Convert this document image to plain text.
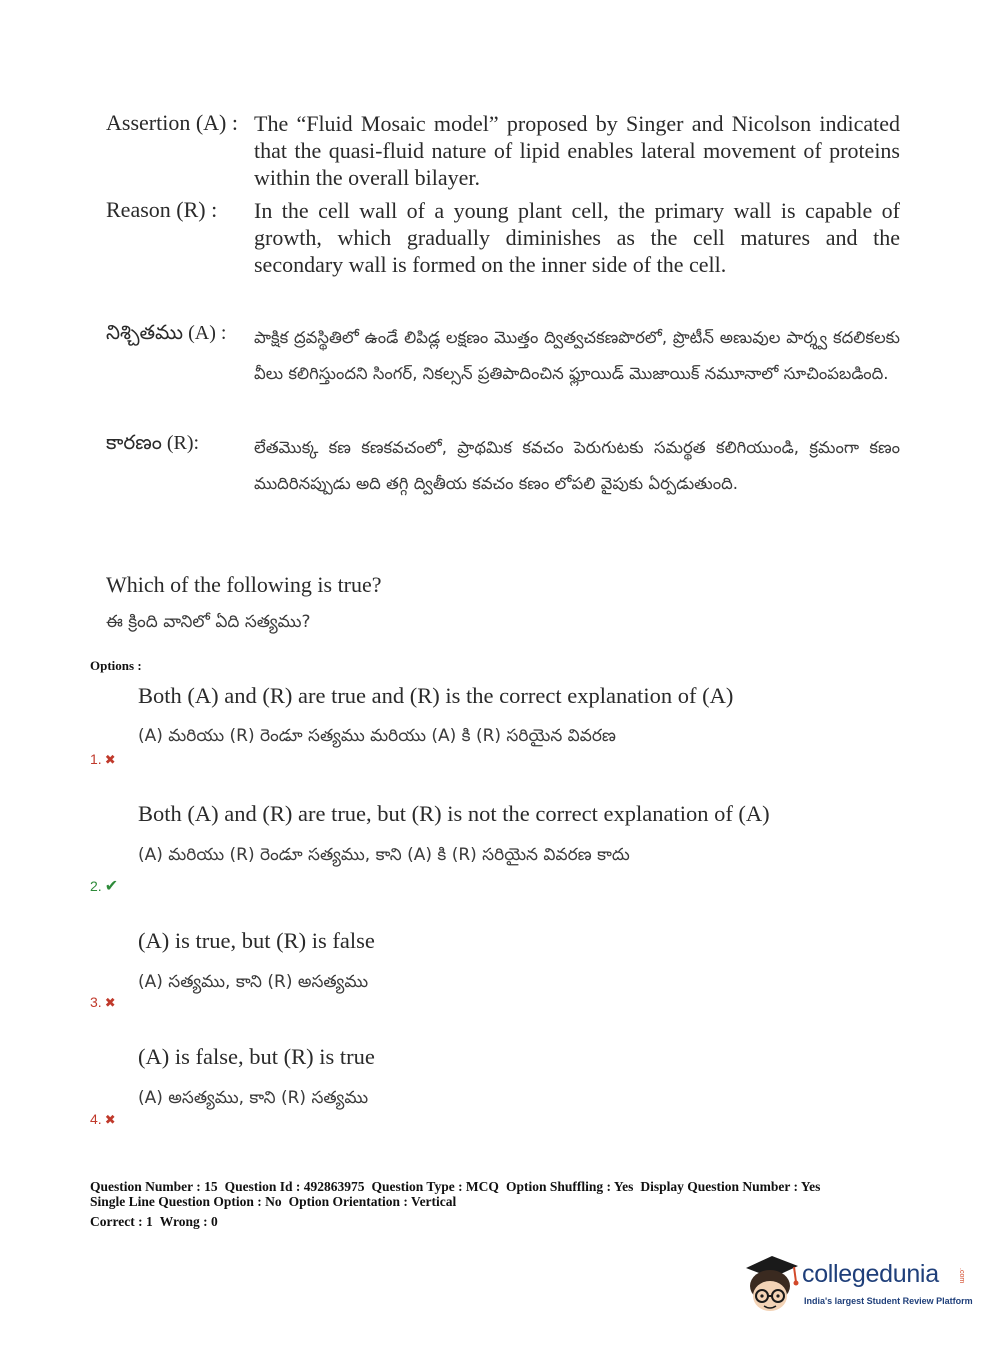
Assertion (A) : The “Fluid Mosaic model” proposed by Singer and Nicolson indicated that the quasi-fluid nature of lipid enables lateral movement of proteins within the overall bilayer.
Reason (R) : In the cell wall of a young plant cell, the primary wall is capable of growth, which gradually diminishes as the cell matures and the secondary wall is formed on the inner side of the cell.
నిశ్చితము (A) : పాక్షిక ద్రవస్థితిలో ఉండే లిపిడ్ల లక్షణం మొత్తం ద్విత్వచకణపొరలో, ప్రొటీన్ అణువుల పార్శ్వ కదలికలకు వీలు కలిగిస్తుందని సింగర్, నికల్సన్ ప్రతిపాదించిన ఫ్లూయిడ్ మొజాయిక్ నమూనాలో సూచింపబడింది.
కారణం (R):	లేతమొక్క కణ కణకవచంలో, ప్రాథమిక కవచం పెరుగుటకు సమర్థత కలిగియుండి, క్రమంగా కణం ముదిరినప్పుడు అది తగ్గి ద్వితీయ కవచం కణం లోపలి వైపుకు ఏర్పడుతుంది.
Which of the following is true?
ఈ క్రింది వానిలో ఏది సత్యము?
Options :
Both (A) and (R) are true and (R) is the correct explanation of (A)
(A) మరియు (R) రెండూ సత్యము మరియు (A) కి (R) సరియైన వివరణ
1. ✖
Both (A) and (R) are true, but (R) is not the correct explanation of (A)
(A) మరియు (R) రెండూ సత్యము, కాని (A) కి (R) సరియైన వివరణ కాదు
2. ✔
(A) is true, but (R) is false
(A) సత్యము, కాని (R) అసత్యము
3. ✖
(A) is false, but (R) is true
(A) అసత్యము, కాని (R) సత్యము
4. ✖
Question Number : 15 Question Id : 492863975 Question Type : MCQ Option Shuffling : Yes Display Question Number : Yes
Single Line Question Option : No Option Orientation : Vertical
Correct : 1 Wrong : 0
collegedunia	.com
India's largest Student Review Platform
